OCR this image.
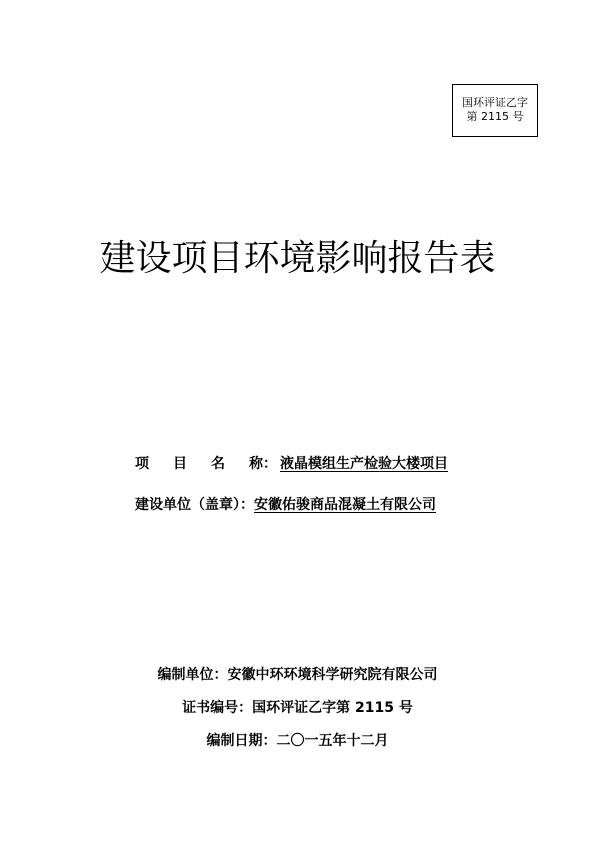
国环评证乙字
第 2115 号
建设项目环境影响报告表
项 目 名 称： 液晶模组生产检验大楼项目
建设单位（盖章）：安徽佑骏商品混凝土有限公司
编制单位：安徽中环环境科学研究院有限公司
证书编号：国环评证乙字第 2115 号
编制日期：二〇一五年十二月
